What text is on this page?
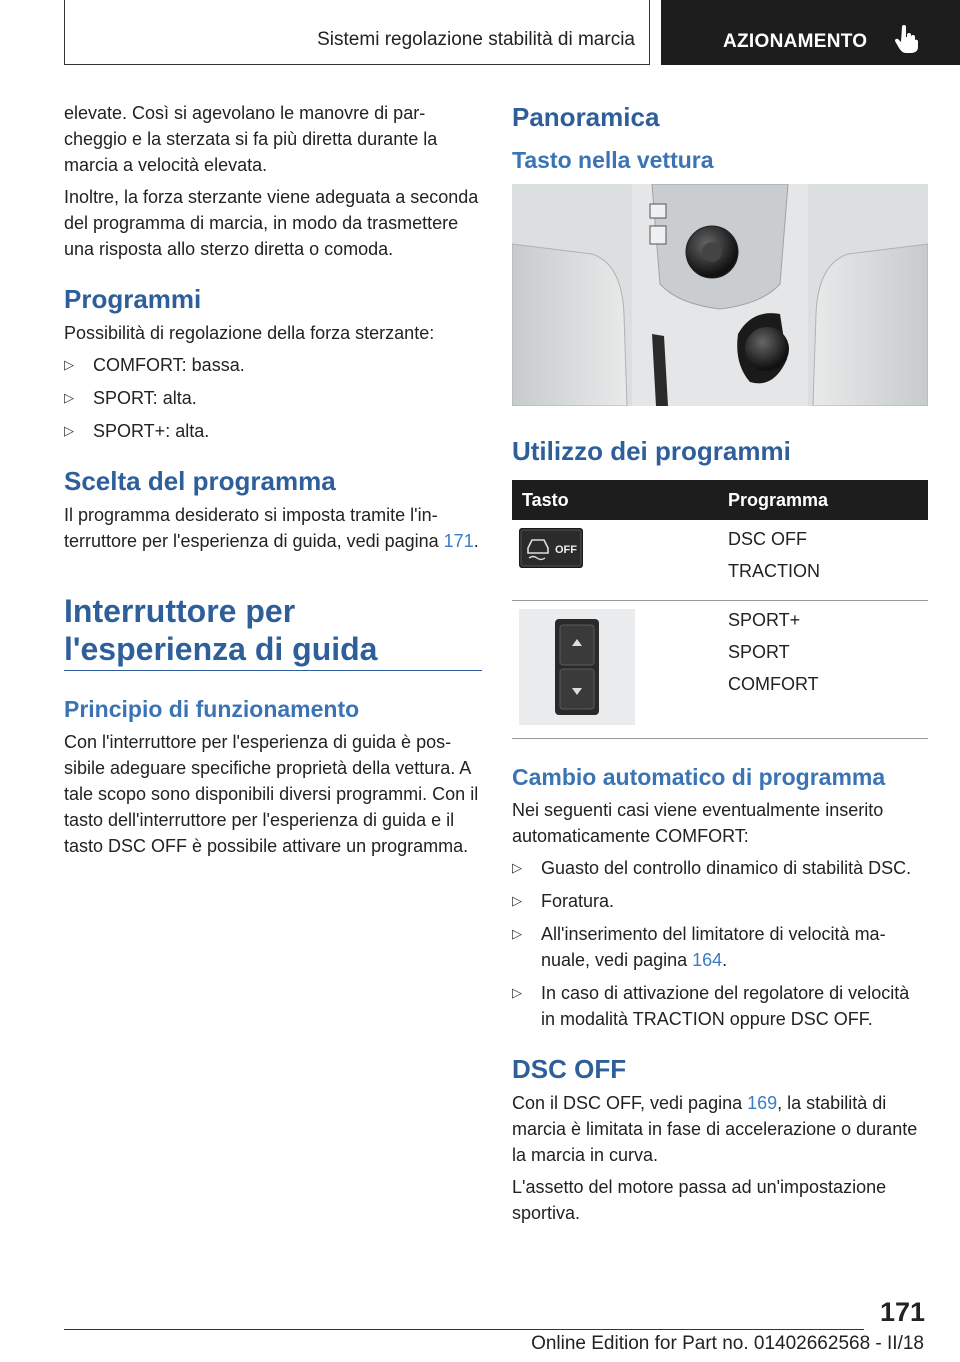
Sistemi regolazione stabilità di marcia	AZIONAMENTO

elevate. Così si agevolano le manovre di parcheggio e la sterzata si fa più diretta durante la marcia a velocità elevata.

Inoltre, la forza sterzante viene adeguata a seconda del programma di marcia, in modo da trasmettere una risposta allo sterzo diretta o comoda.

Programmi

Possibilità di regolazione della forza sterzante:

▷ COMFORT: bassa.
▷ SPORT: alta.
▷ SPORT+: alta.
Scelta del programma

Il programma desiderato si imposta tramite l'interruttore per l'esperienza di guida, vedi pagina 171.

Interruttore per
l'esperienza di guida
Principio di funzionamento

Con l'interruttore per l'esperienza di guida è possibile adeguare specifiche proprietà della vettura. A tale scopo sono disponibili diversi programmi. Con il tasto dell'interruttore per l'esperienza di guida e il tasto DSC OFF è possibile attivare un programma.

Panoramica
Tasto nella vettura
Utilizzo dei programmi
Tasto	Programma

OFF	DSC OFF
TRACTION

SPORT+
SPORT
COMFORT
Cambio automatico di programma

Nei seguenti casi viene eventualmente inserito automaticamente COMFORT:

▷ Guasto del controllo dinamico di stabilità DSC.
▷ Foratura.
▷ All'inserimento del limitatore di velocità manuale, vedi pagina 164.
▷ In caso di attivazione del regolatore di velocità in modalità TRACTION oppure DSC OFF.
DSC OFF

Con il DSC OFF, vedi pagina 169, la stabilità di marcia è limitata in fase di accelerazione o durante la marcia in curva.

L'assetto del motore passa ad un'impostazione sportiva.

171
Online Edition for Part no. 01402662568 - II/18
